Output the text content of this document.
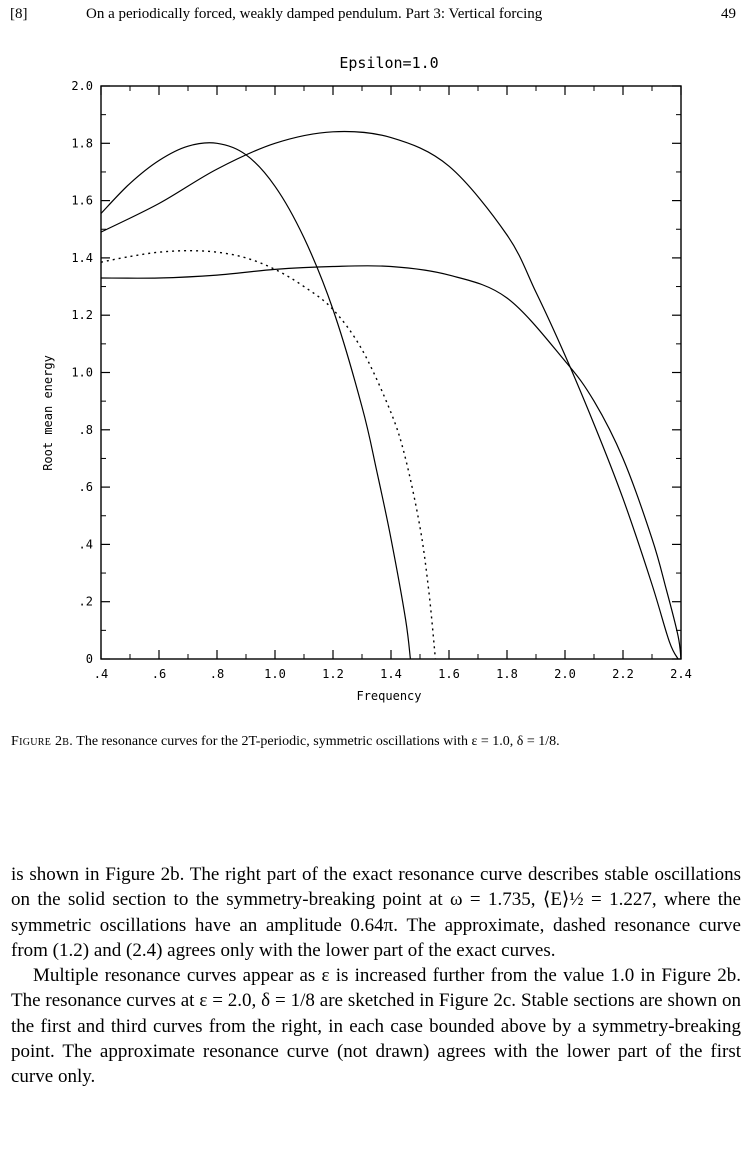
[8]	On a periodically forced, weakly damped pendulum. Part 3: Vertical forcing	49
Epsilon=1.0
.4	.6	.8	1.0	1.2	1.4	1.6	1.8	2.0	2.2	2.4
0
.2
.4
.6
.8
1.0
1.2
1.4
1.6
1.8
2.0
Frequency
Root mean energy
Figure 2b. The resonance curves for the 2T-periodic, symmetric oscillations with ε = 1.0, δ = 1/8.

is shown in Figure 2b. The right part of the exact resonance curve describes stable oscillations on the solid section to the symmetry-breaking point at ω = 1.735, ⟨E⟩½ = 1.227, where the symmetric oscillations have an amplitude 0.64π. The approximate, dashed resonance curve from (1.2) and (2.4) agrees only with the lower part of the exact curves.

Multiple resonance curves appear as ε is increased further from the value 1.0 in Figure 2b. The resonance curves at ε = 2.0, δ = 1/8 are sketched in Figure 2c. Stable sections are shown on the first and third curves from the right, in each case bounded above by a symmetry-breaking point. The approximate resonance curve (not drawn) agrees with the lower part of the first curve only.
